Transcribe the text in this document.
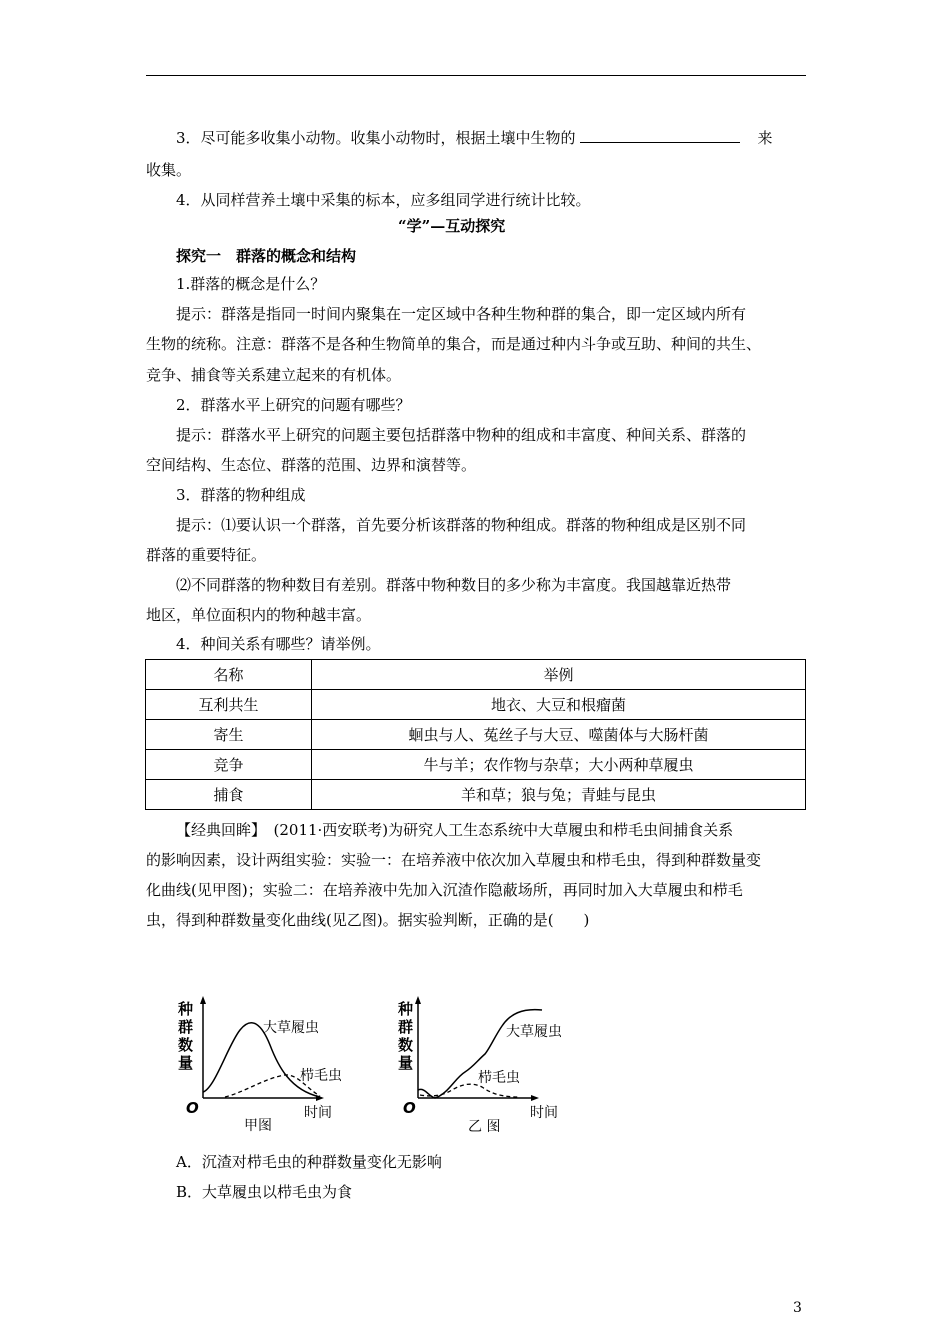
3．尽可能多收集小动物。收集小动物时，根据土壤中生物的	来
收集。
4．从同样营养土壤中采集的标本，应多组同学进行统计比较。
“学”—互动探究
探究一　群落的概念和结构
1.群落的概念是什么？
提示：群落是指同一时间内聚集在一定区域中各种生物种群的集合，即一定区域内所有
生物的统称。注意：群落不是各种生物简单的集合，而是通过种内斗争或互助、种间的共生、
竞争、捕食等关系建立起来的有机体。
2．群落水平上研究的问题有哪些？
提示：群落水平上研究的问题主要包括群落中物种的组成和丰富度、种间关系、群落的
空间结构、生态位、群落的范围、边界和演替等。
3．群落的物种组成
提示：⑴要认识一个群落，首先要分析该群落的物种组成。群落的物种组成是区别不同
群落的重要特征。
⑵不同群落的物种数目有差别。群落中物种数目的多少称为丰富度。我国越靠近热带
地区，单位面积内的物种越丰富。
4．种间关系有哪些？请举例。
名称	举例
互利共生	地衣、大豆和根瘤菌
寄生	蛔虫与人、菟丝子与大豆、噬菌体与大肠杆菌
竞争	牛与羊；农作物与杂草；大小两种草履虫
捕食	羊和草；狼与兔；青蛙与昆虫
【经典回眸】　(2011·西安联考)为研究人工生态系统中大草履虫和栉毛虫间捕食关系
的影响因素，设计两组实验：实验一：在培养液中依次加入草履虫和栉毛虫，得到种群数量变
化曲线(见甲图)；实验二：在培养液中先加入沉渣作隐蔽场所，再同时加入大草履虫和栉毛
虫，得到种群数量变化曲线(见乙图)。据实验判断，正确的是(　　)
种
群
数
量
O	时间
大草履虫
栉毛虫
甲图
种
群
数
量
O	时间
大草履虫
栉毛虫
乙 图
A．沉渣对栉毛虫的种群数量变化无影响
B．大草履虫以栉毛虫为食
3
